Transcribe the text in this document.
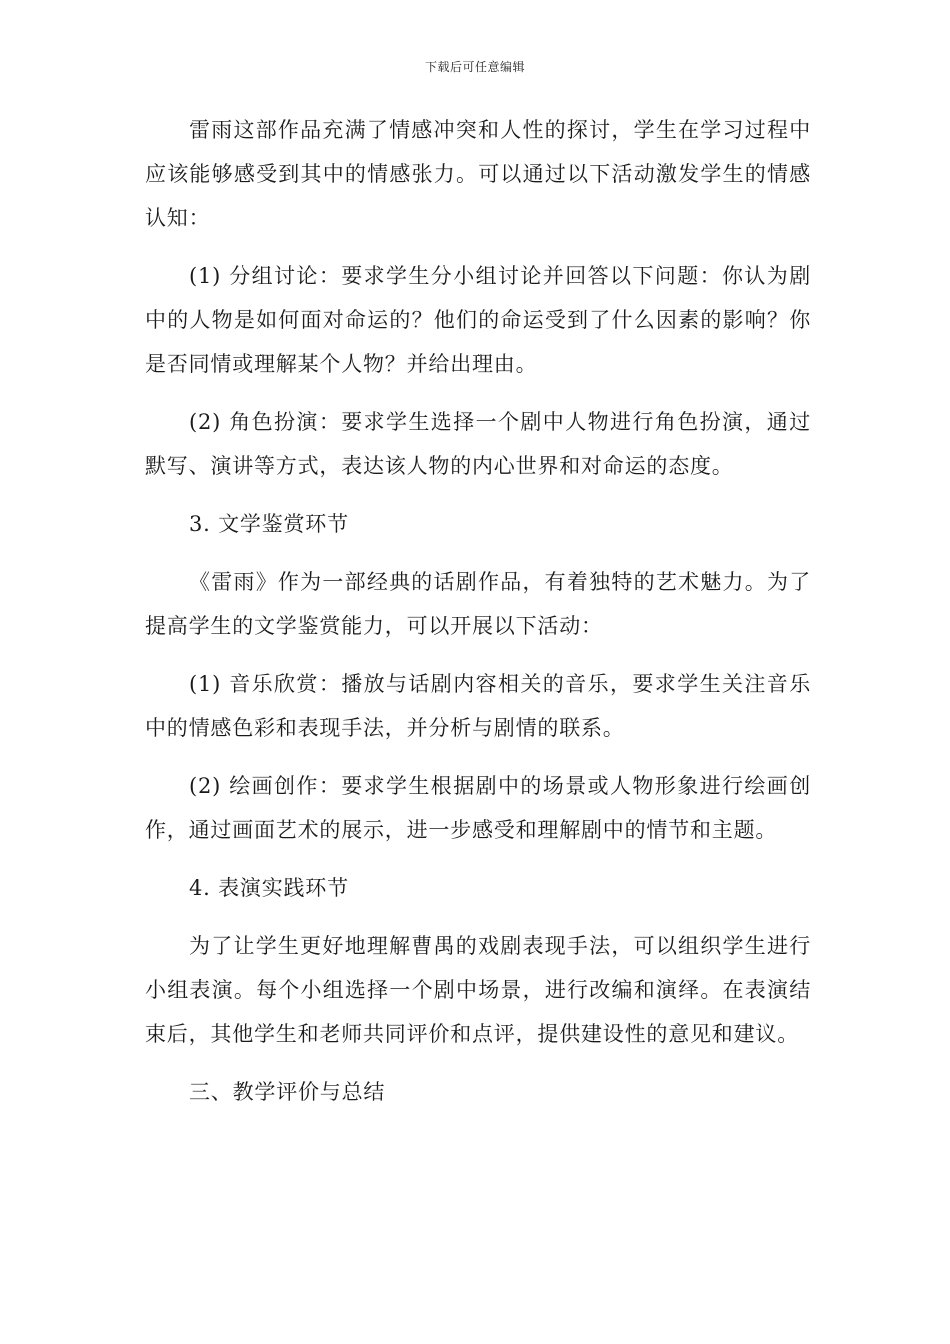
下载后可任意编辑

雷雨这部作品充满了情感冲突和人性的探讨，学生在学习过程中应该能够感受到其中的情感张力。可以通过以下活动激发学生的情感认知：

(1) 分组讨论：要求学生分小组讨论并回答以下问题：你认为剧中的人物是如何面对命运的？他们的命运受到了什么因素的影响？你是否同情或理解某个人物？并给出理由。

(2) 角色扮演：要求学生选择一个剧中人物进行角色扮演，通过默写、演讲等方式，表达该人物的内心世界和对命运的态度。

3. 文学鉴赏环节

《雷雨》作为一部经典的话剧作品，有着独特的艺术魅力。为了提高学生的文学鉴赏能力，可以开展以下活动：

(1) 音乐欣赏：播放与话剧内容相关的音乐，要求学生关注音乐中的情感色彩和表现手法，并分析与剧情的联系。

(2) 绘画创作：要求学生根据剧中的场景或人物形象进行绘画创作，通过画面艺术的展示，进一步感受和理解剧中的情节和主题。

4. 表演实践环节

为了让学生更好地理解曹禺的戏剧表现手法，可以组织学生进行小组表演。每个小组选择一个剧中场景，进行改编和演绎。在表演结束后，其他学生和老师共同评价和点评，提供建设性的意见和建议。

三、教学评价与总结
